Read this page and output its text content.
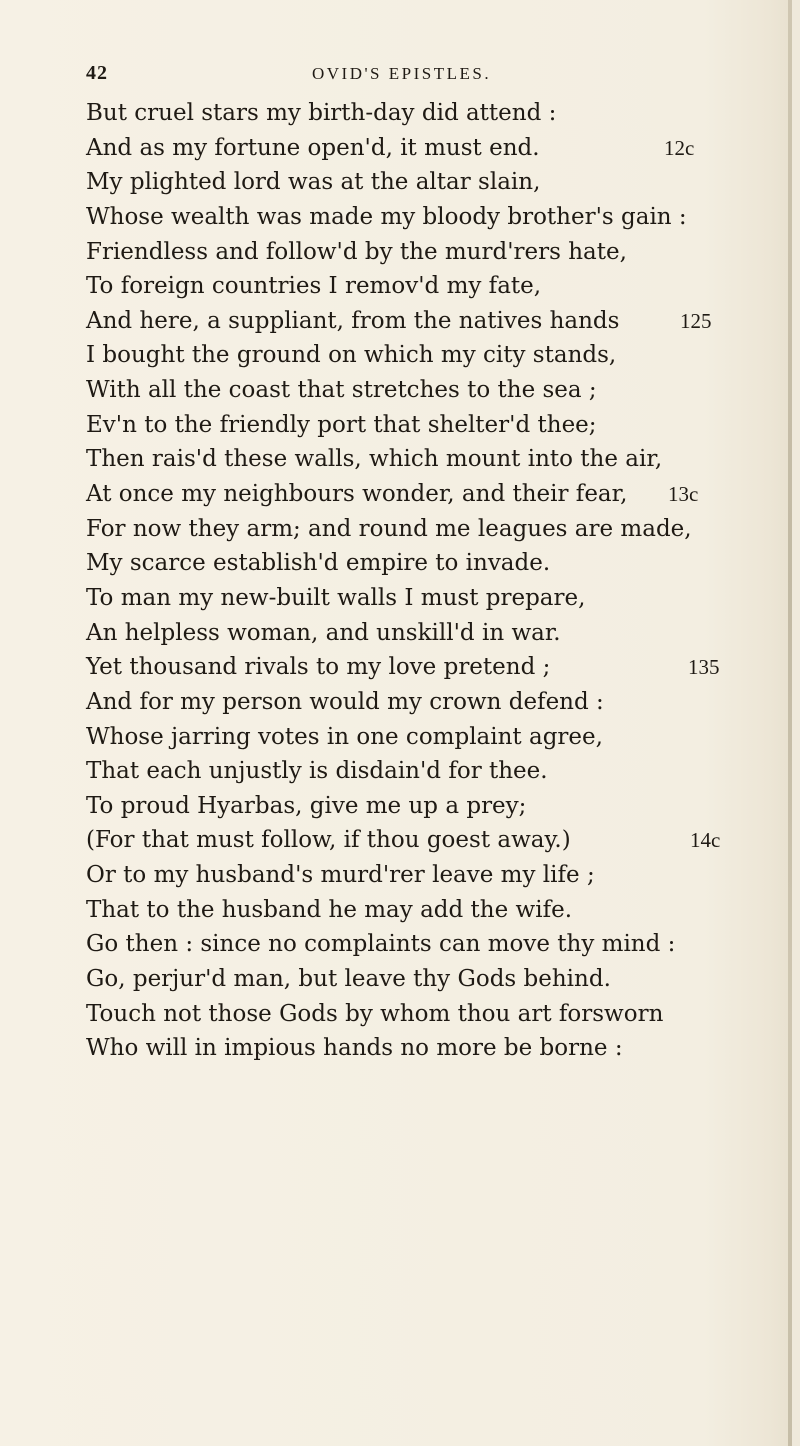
42	OVID'S EPISTLES.
But cruel stars my birth-day did attend :
And as my fortune open'd, it must end.	12c
My plighted lord was at the altar slain,
Whose wealth was made my bloody brother's gain :
Friendless and follow'd by the murd'rers hate,
To foreign countries I remov'd my fate,
And here, a suppliant, from the natives hands	125
I bought the ground on which my city stands,
With all the coast that stretches to the sea ;
Ev'n to the friendly port that shelter'd thee;
Then rais'd these walls, which mount into the air,
At once my neighbours wonder, and their fear, 13c
For now they arm; and round me leagues are made,
My scarce establish'd empire to invade.
To man my new-built walls I must prepare,
An helpless woman, and unskill'd in war.
Yet thousand rivals to my love pretend ;	135
And for my person would my crown defend :
Whose jarring votes in one complaint agree,
That each unjustly is disdain'd for thee.
To proud Hyarbas, give me up a prey;
(For that must follow, if thou goest away.)	14c
Or to my husband's murd'rer leave my life ;
That to the husband he may add the wife.
Go then : since no complaints can move thy mind :
Go, perjur'd man, but leave thy Gods behind.
Touch not those Gods by whom thou art forsworn
Who will in impious hands no more be borne :
